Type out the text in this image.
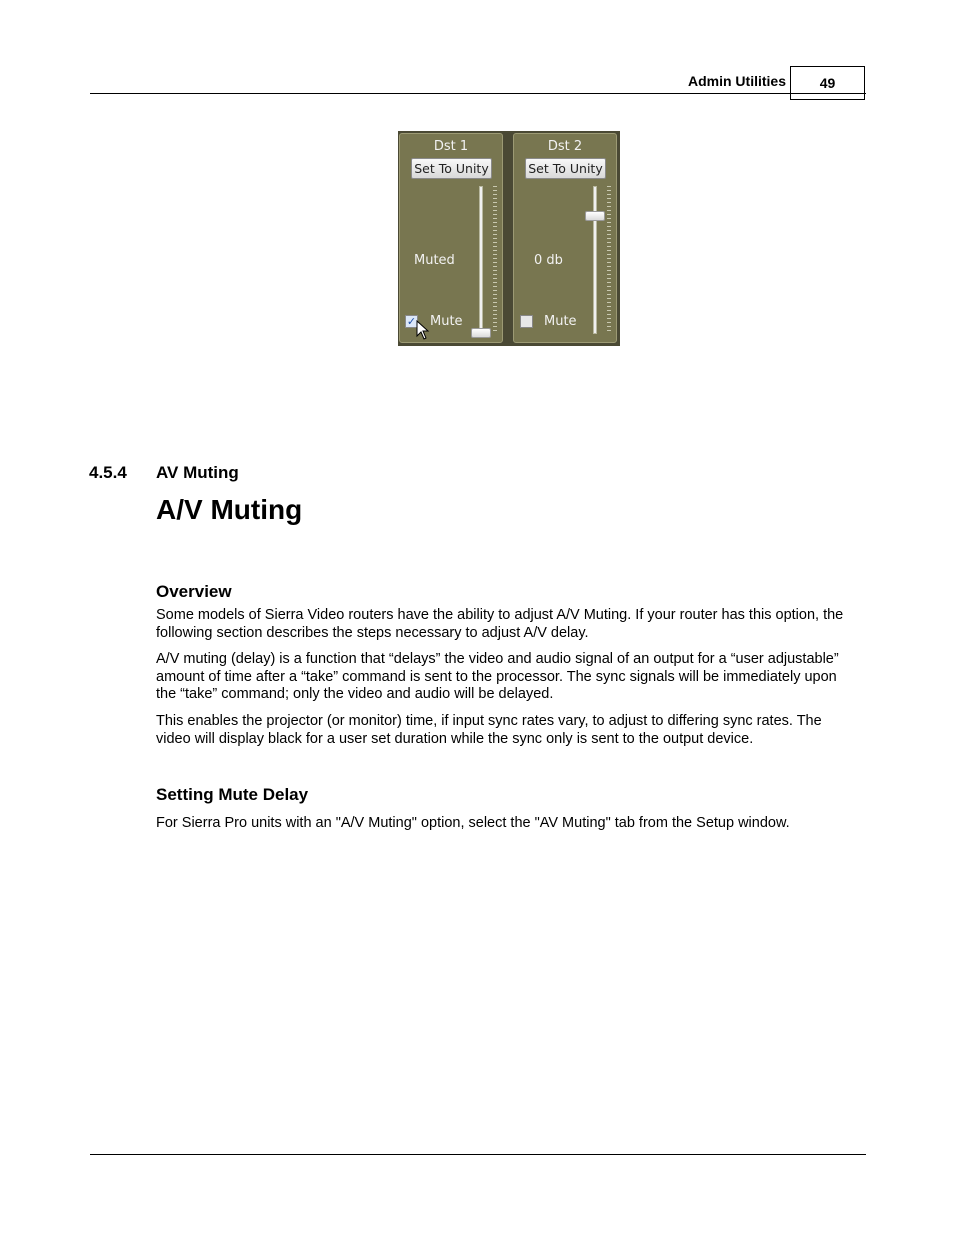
Admin Utilities	49
Dst 1
Set To Unity
Muted
✓ Mute
Dst 2
Set To Unity
0 db
Mute
4.5.4 AV Muting
A/V Muting
Overview

Some models of Sierra Video routers have the ability to adjust A/V Muting. If your router has this option, the following section describes the steps necessary to adjust A/V delay.

A/V muting (delay) is a function that “delays” the video and audio signal of an output for a “user adjustable” amount of time after a “take” command is sent to the processor. The sync signals will be immediately upon the “take” command; only the video and audio will be delayed.

This enables the projector (or monitor) time, if input sync rates vary, to adjust to differing sync rates. The video will display black for a user set duration while the sync only is sent to the output device.

Setting Mute Delay

For Sierra Pro units with an "A/V Muting" option, select the "AV Muting" tab from the Setup window.
